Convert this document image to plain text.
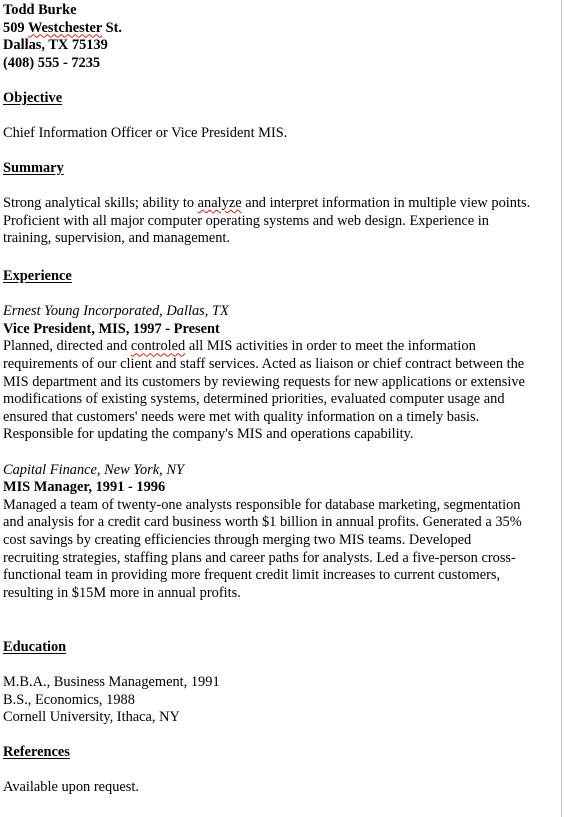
Todd Burke
509 Westchester St.
Dallas, TX 75139
(408) 555 - 7235
Objective
Chief Information Officer or Vice President MIS.
Summary
Strong analytical skills; ability to analyze and interpret information in multiple view points.
Proficient with all major computer operating systems and web design. Experience in
training, supervision, and management.
Experience
Ernest Young Incorporated, Dallas, TX
Vice President, MIS, 1997 - Present
Planned, directed and controled all MIS activities in order to meet the information
requirements of our client and staff services. Acted as liaison or chief contract between the
MIS department and its customers by reviewing requests for new applications or extensive
modifications of existing systems, determined priorities, evaluated computer usage and
ensured that customers' needs were met with quality information on a timely basis.
Responsible for updating the company's MIS and operations capability.
Capital Finance, New York, NY
MIS Manager, 1991 - 1996
Managed a team of twenty-one analysts responsible for database marketing, segmentation
and analysis for a credit card business worth $1 billion in annual profits. Generated a 35%
cost savings by creating efficiencies through merging two MIS teams. Developed
recruiting strategies, staffing plans and career paths for analysts. Led a five-person cross-
functional team in providing more frequent credit limit increases to current customers,
resulting in $15M more in annual profits.
Education
M.B.A., Business Management, 1991
B.S., Economics, 1988
Cornell University, Ithaca, NY
References
Available upon request.
